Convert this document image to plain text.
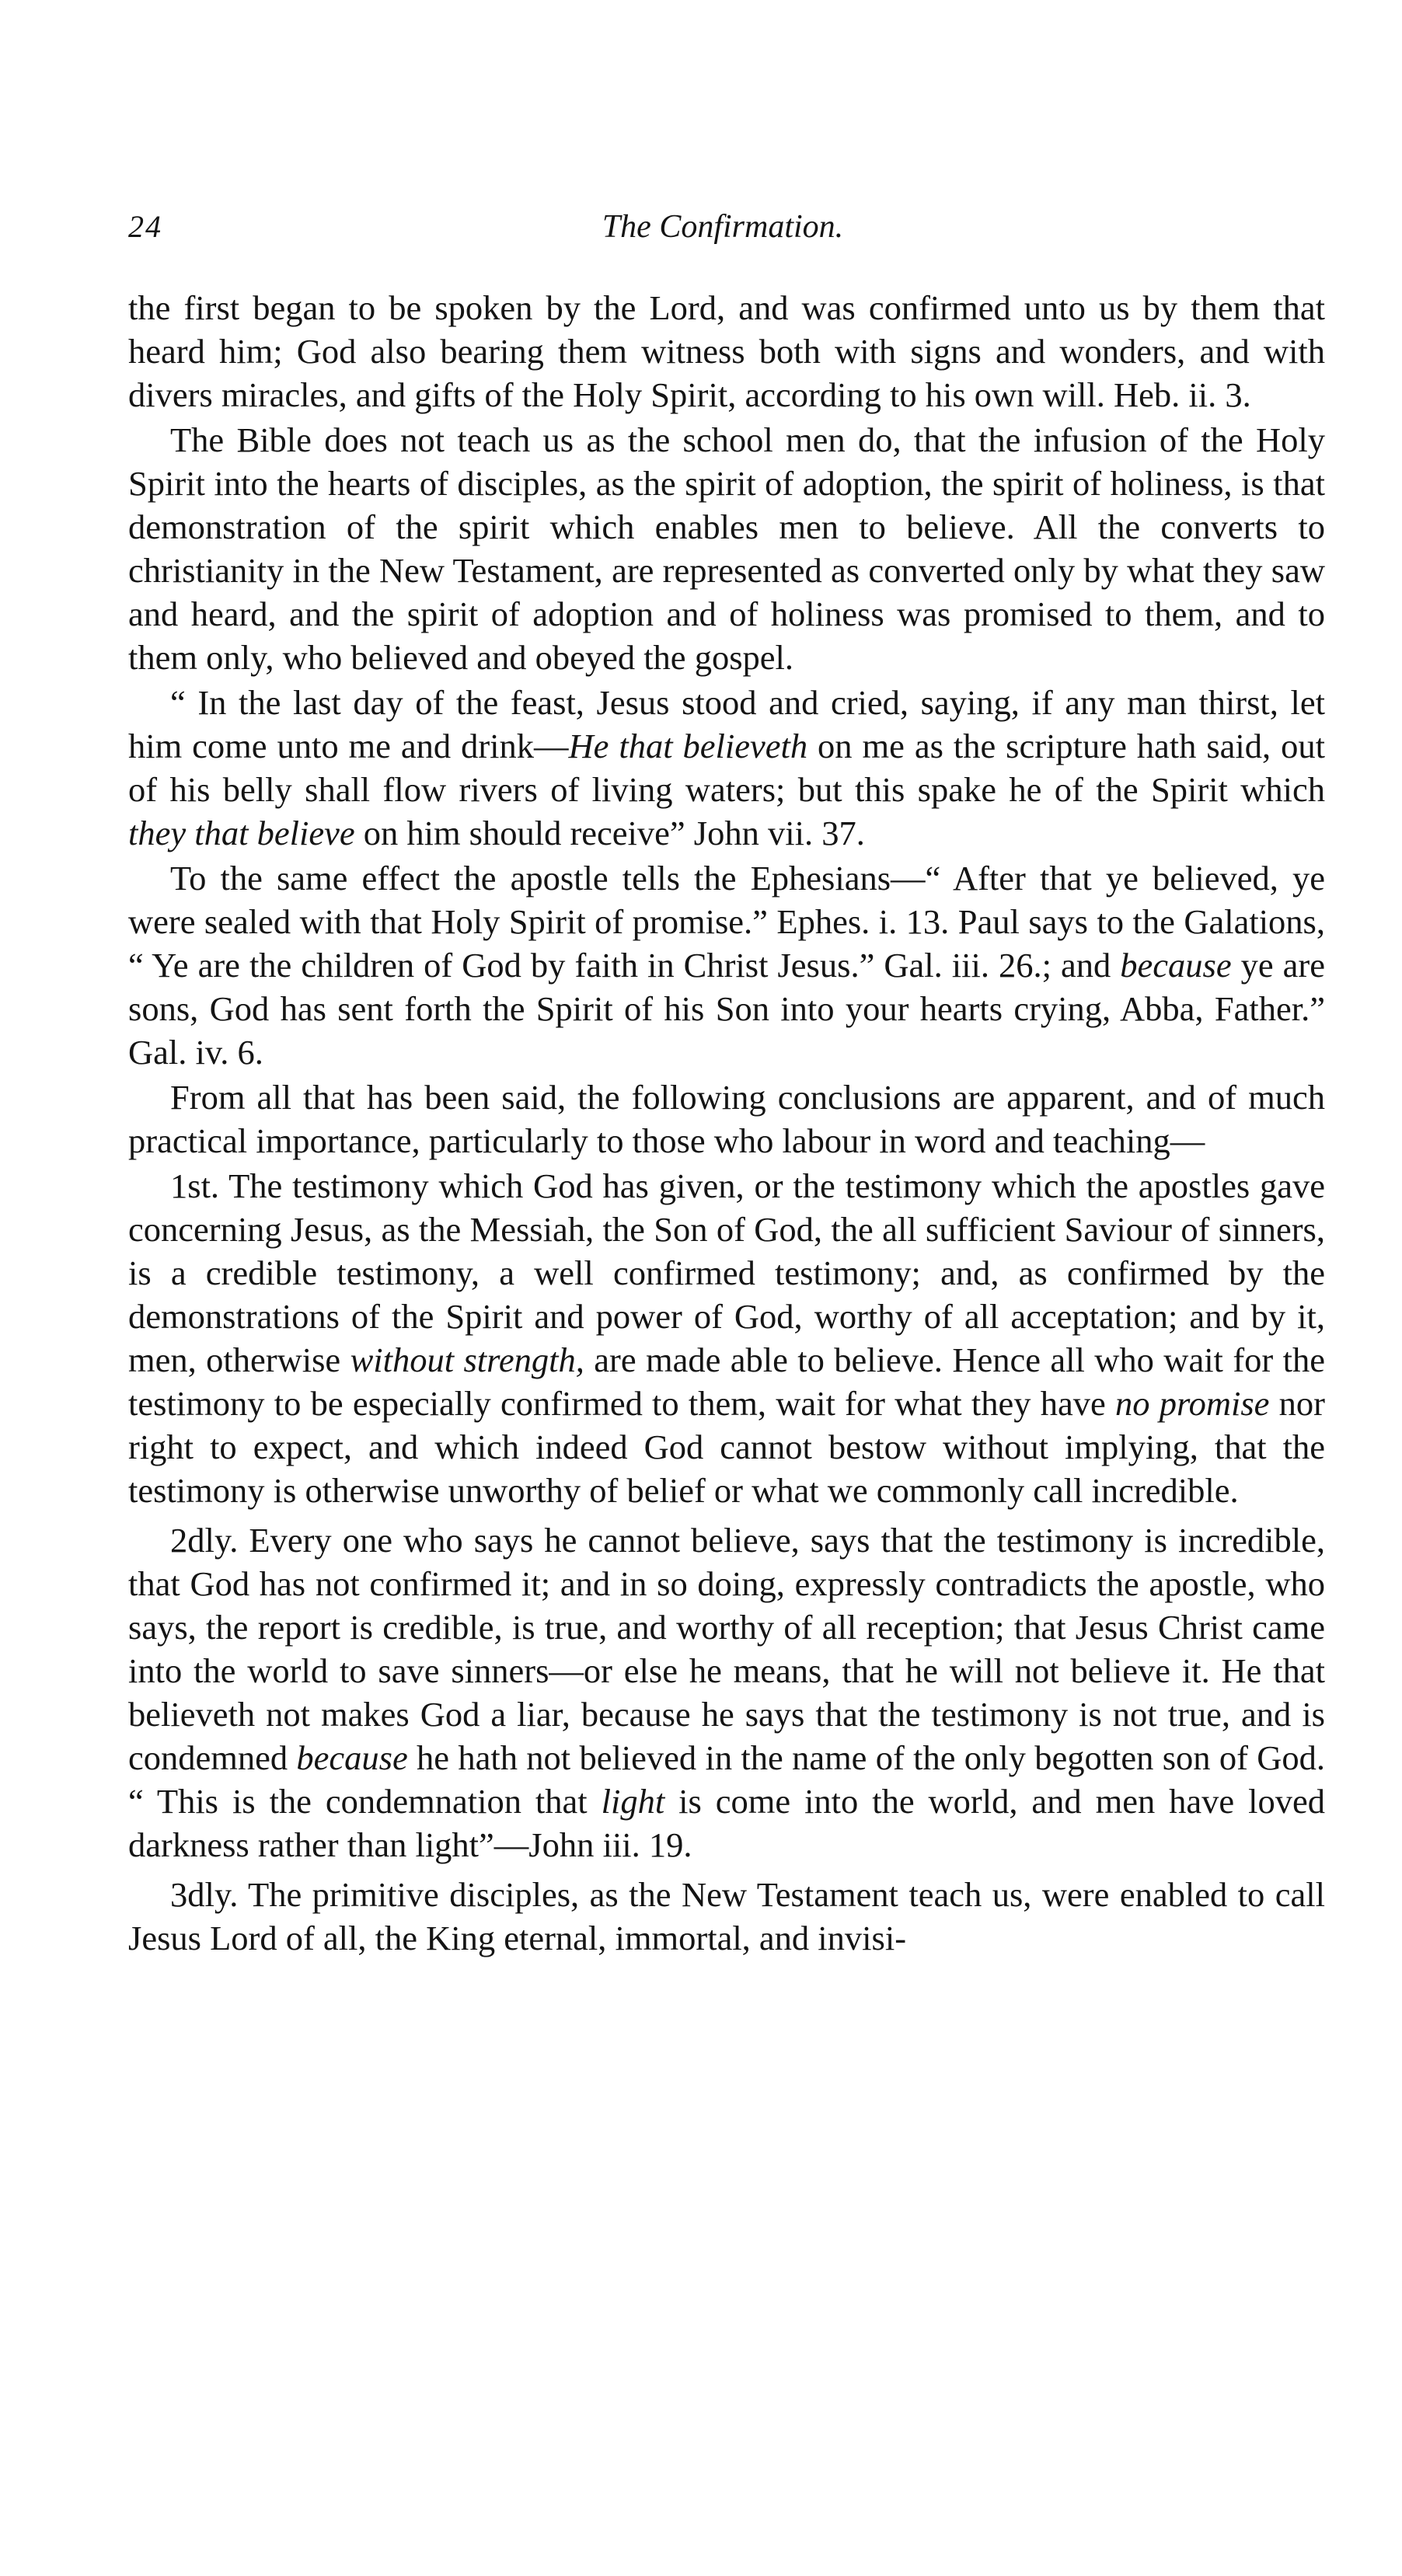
24	The Confirmation.

the first began to be spoken by the Lord, and was confirmed unto us by them that heard him; God also bearing them witness both with signs and wonders, and with divers miracles, and gifts of the Holy Spirit, according to his own will. Heb. ii. 3.

The Bible does not teach us as the school men do, that the infusion of the Holy Spirit into the hearts of disciples, as the spirit of adoption, the spirit of holiness, is that demonstration of the spirit which enables men to believe. All the converts to christianity in the New Testament, are represented as converted only by what they saw and heard, and the spirit of adoption and of holiness was promised to them, and to them only, who believed and obeyed the gospel.

“ In the last day of the feast, Jesus stood and cried, saying, if any man thirst, let him come unto me and drink—He that believeth on me as the scripture hath said, out of his belly shall flow rivers of living waters; but this spake he of the Spirit which they that believe on him should receive” John vii. 37.

To the same effect the apostle tells the Ephesians—“ After that ye believed, ye were sealed with that Holy Spirit of promise.” Ephes. i. 13. Paul says to the Galations, “ Ye are the children of God by faith in Christ Jesus.” Gal. iii. 26.; and because ye are sons, God has sent forth the Spirit of his Son into your hearts crying, Abba, Father.” Gal. iv. 6.

From all that has been said, the following conclusions are apparent, and of much practical importance, particularly to those who labour in word and teaching—

1st. The testimony which God has given, or the testimony which the apostles gave concerning Jesus, as the Messiah, the Son of God, the all sufficient Saviour of sinners, is a credible testimony, a well confirmed testimony; and, as confirmed by the demonstrations of the Spirit and power of God, worthy of all acceptation; and by it, men, otherwise without strength, are made able to believe. Hence all who wait for the testimony to be especially confirmed to them, wait for what they have no promise nor right to expect, and which indeed God cannot bestow without implying, that the testimony is otherwise unworthy of belief or what we commonly call incredible.

2dly. Every one who says he cannot believe, says that the testimony is incredible, that God has not confirmed it; and in so doing, expressly contradicts the apostle, who says, the report is credible, is true, and worthy of all reception; that Jesus Christ came into the world to save sinners—or else he means, that he will not believe it. He that believeth not makes God a liar, because he says that the testimony is not true, and is condemned because he hath not believed in the name of the only begotten son of God. “ This is the condemnation that light is come into the world, and men have loved darkness rather than light”—John iii. 19.

3dly. The primitive disciples, as the New Testament teach us, were enabled to call Jesus Lord of all, the King eternal, immortal, and invisi-
